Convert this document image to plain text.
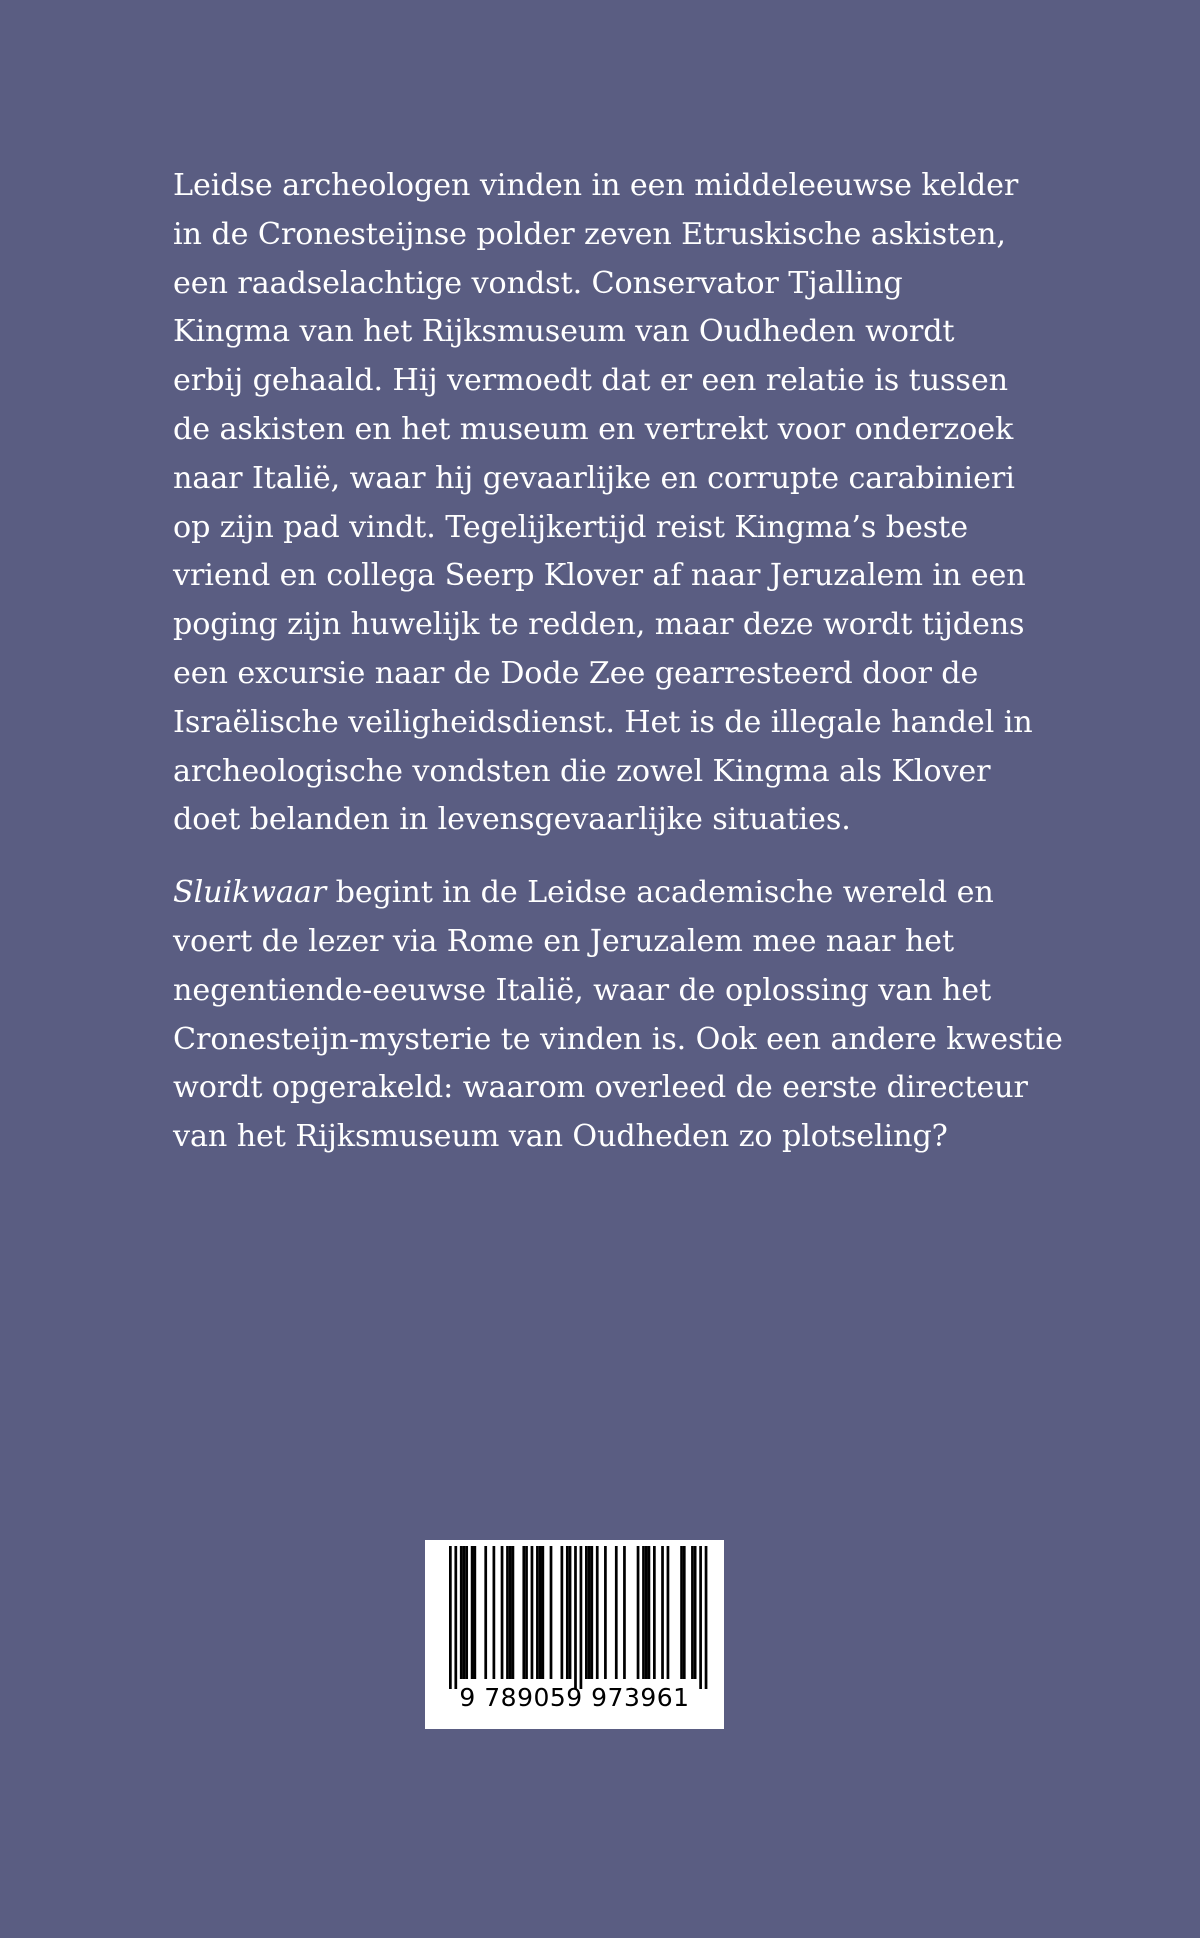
Leidse archeologen vinden in een middeleeuwse kelder
in de Cronesteijnse polder zeven Etruskische askisten,
een raadselachtige vondst. Conservator Tjalling
Kingma van het Rijksmuseum van Oudheden wordt
erbij gehaald. Hij vermoedt dat er een relatie is tussen
de askisten en het museum en vertrekt voor onderzoek
naar Italië, waar hij gevaarlijke en corrupte carabinieri
op zijn pad vindt. Tegelijkertijd reist Kingma’s beste
vriend en collega Seerp Klover af naar Jeruzalem in een
poging zijn huwelijk te redden, maar deze wordt tijdens
een excursie naar de Dode Zee gearresteerd door de
Israëlische veiligheidsdienst. Het is de illegale handel in
archeologische vondsten die zowel Kingma als Klover
doet belanden in levensgevaarlijke situaties.

Sluikwaar begint in de Leidse academische wereld en
voert de lezer via Rome en Jeruzalem mee naar het
negentiende-eeuwse Italië, waar de oplossing van het
Cronesteijn-mysterie te vinden is. Ook een andere kwestie
wordt opgerakeld: waarom overleed de eerste directeur
van het Rijksmuseum van Oudheden zo plotseling?

9 789059 973961
